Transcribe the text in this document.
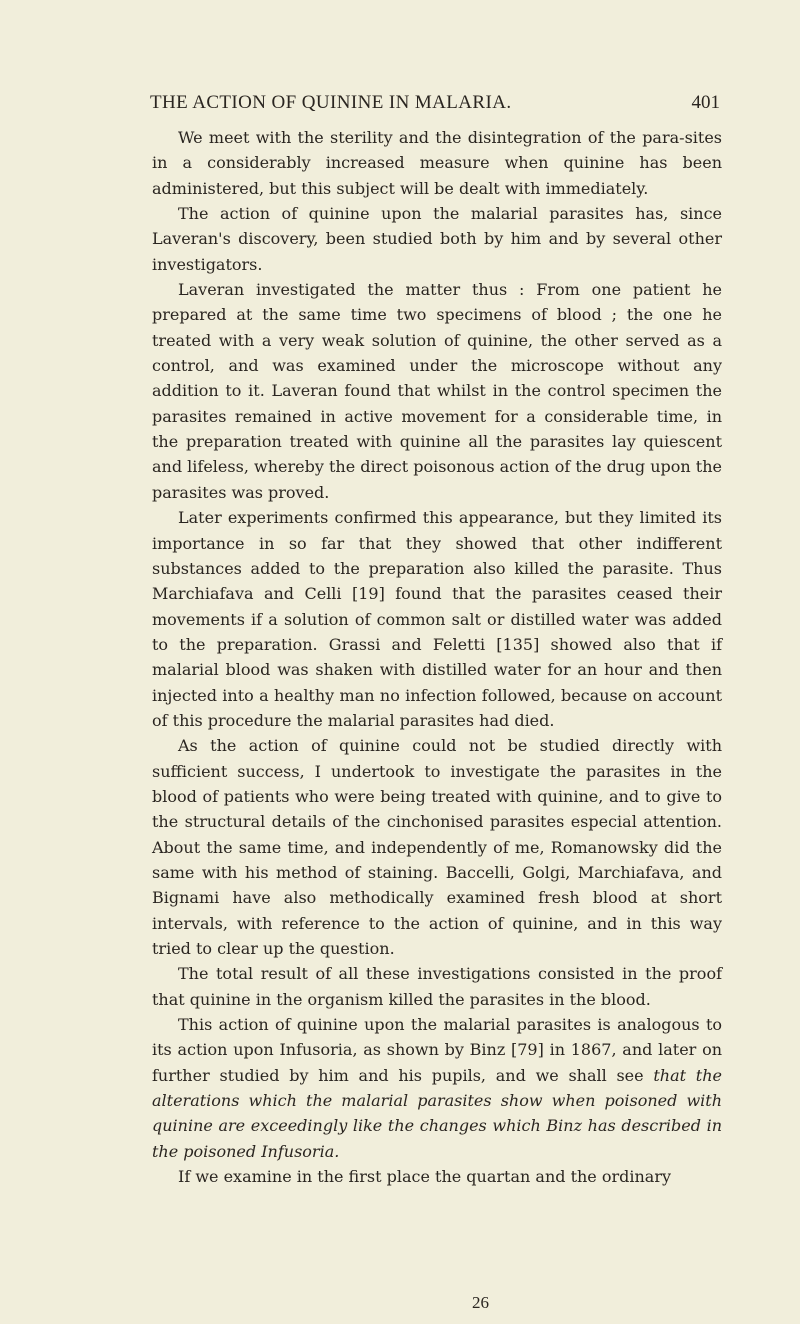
THE ACTION OF QUININE IN MALARIA.	401

We meet with the sterility and the disintegration of the para-sites in a considerably increased measure when quinine has been administered, but this subject will be dealt with immediately.

The action of quinine upon the malarial parasites has, since Laveran's discovery, been studied both by him and by several other investigators.

Laveran investigated the matter thus : From one patient he prepared at the same time two specimens of blood ; the one he treated with a very weak solution of quinine, the other served as a control, and was examined under the microscope without any addition to it. Laveran found that whilst in the control specimen the parasites remained in active movement for a considerable time, in the preparation treated with quinine all the parasites lay quiescent and lifeless, whereby the direct poisonous action of the drug upon the parasites was proved.

Later experiments confirmed this appearance, but they limited its importance in so far that they showed that other indifferent substances added to the preparation also killed the parasite. Thus Marchiafava and Celli [19] found that the parasites ceased their movements if a solution of common salt or distilled water was added to the preparation. Grassi and Feletti [135] showed also that if malarial blood was shaken with distilled water for an hour and then injected into a healthy man no infection followed, because on account of this procedure the malarial parasites had died.

As the action of quinine could not be studied directly with sufficient success, I undertook to investigate the parasites in the blood of patients who were being treated with quinine, and to give to the structural details of the cinchonised parasites especial attention. About the same time, and independently of me, Romanowsky did the same with his method of staining. Baccelli, Golgi, Marchiafava, and Bignami have also methodically examined fresh blood at short intervals, with reference to the action of quinine, and in this way tried to clear up the question.

The total result of all these investigations consisted in the proof that quinine in the organism killed the parasites in the blood.

This action of quinine upon the malarial parasites is analogous to its action upon Infusoria, as shown by Binz [79] in 1867, and later on further studied by him and his pupils, and we shall see that the alterations which the malarial parasites show when poisoned with quinine are exceedingly like the changes which Binz has described in the poisoned Infusoria.

If we examine in the first place the quartan and the ordinary

26
